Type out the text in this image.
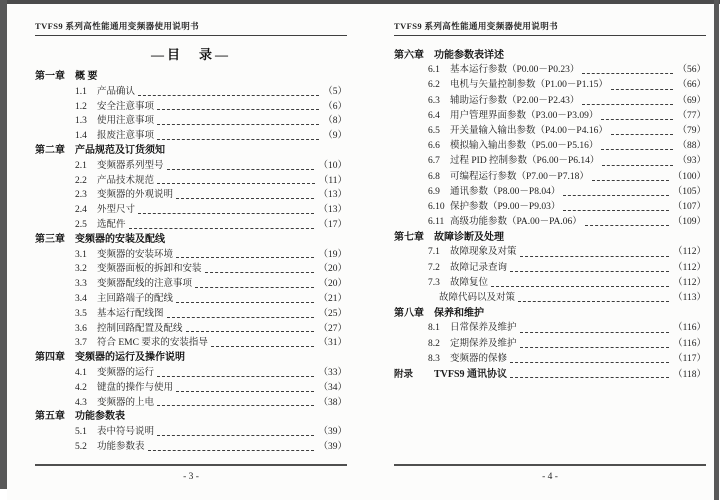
TVFS9 系列高性能通用变频器使用说明书
—目　录—
第一章	概 要
1.1	产品确认	（5）
1.2	安全注意事项	（6）
1.3	使用注意事项	（8）
1.4	报废注意事项	（9）
第二章	产品规范及订货须知
2.1	变频器系列型号	（10）
2.2	产品技术规范	（11）
2.3	变频器的外观说明	（13）
2.4	外型尺寸	（13）
2.5	选配件	（17）
第三章	变频器的安装及配线
3.1	变频器的安装环境	（19）
3.2	变频器面板的拆卸和安装	（20）
3.3	变频器配线的注意事项	（20）
3.4	主回路端子的配线	（21）
3.5	基本运行配线图	（25）
3.6	控制回路配置及配线	（27）
3.7	符合 EMC 要求的安装指导	（31）
第四章	变频器的运行及操作说明
4.1	变频器的运行	（33）
4.2	键盘的操作与使用	（34）
4.3	变频器的上电	（38）
第五章	功能参数表
5.1	表中符号说明	（39）
5.2	功能参数表	（39）
- 3 -
TVFS9 系列高性能通用变频器使用说明书
第六章	功能参数表详述
6.1	基本运行参数（P0.00－P0.23）	（56）
6.2	电机与矢量控制参数（P1.00－P1.15）	（66）
6.3	辅助运行参数（P2.00－P2.43）	（69）
6.4	用户管理界面参数（P3.00－P3.09）	（77）
6.5	开关量输入输出参数（P4.00－P4.16）	（79）
6.6	模拟输入输出参数（P5.00－P5.16）	（88）
6.7	过程 PID 控制参数（P6.00－P6.14）	（93）
6.8	可编程运行参数（P7.00－P7.18）	（100）
6.9	通讯参数（P8.00－P8.04）	（105）
6.10 保护参数（P9.00－P9.03）	（107）
6.11 高级功能参数（PA.00－PA.06）	（109）
第七章	故障诊断及处理
7.1	故障现象及对策	（112）
7.2	故障记录查询	（112）
7.3	故障复位	（112）
故障代码以及对策	（113）
第八章	保养和维护
8.1	日常保养及维护	（116）
8.2	定期保养及维护	（116）
8.3	变频器的保修	（117）
附录	TVFS9 通讯协议	（118）
- 4 -
